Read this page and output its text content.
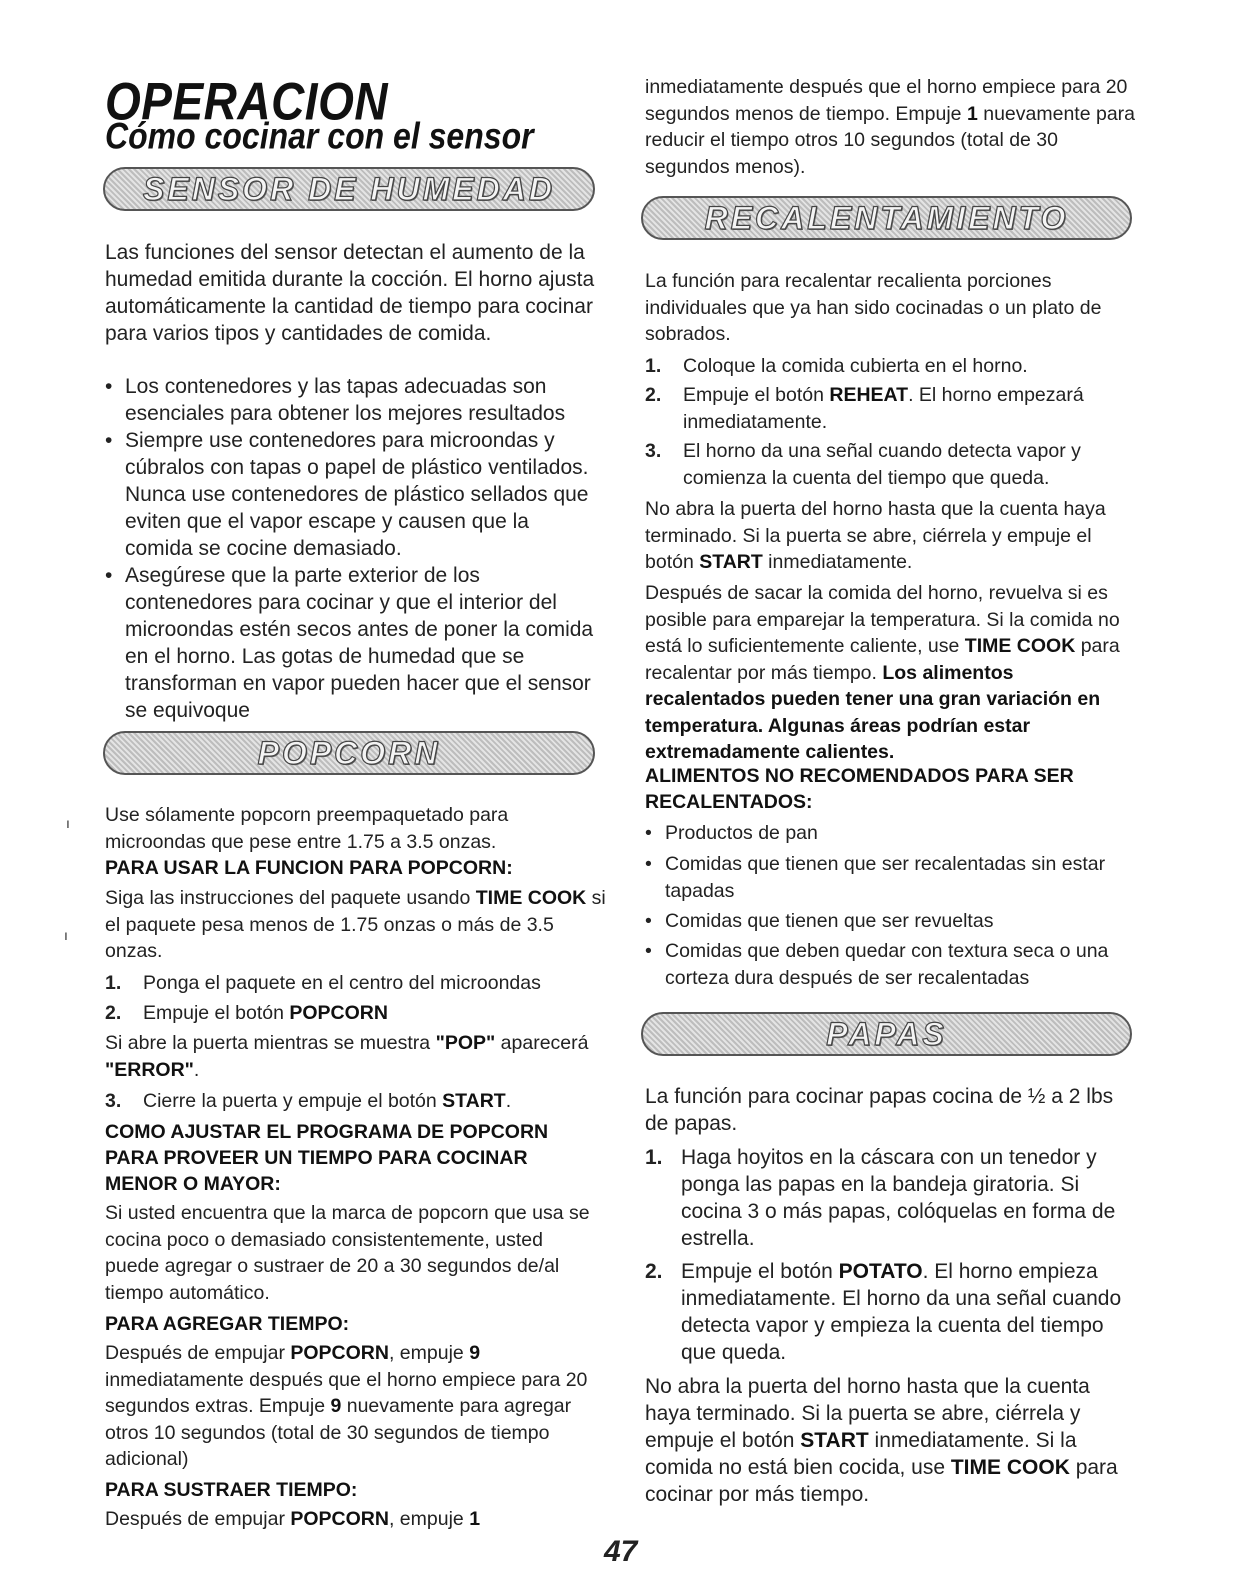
OPERACION
Cómo cocinar con el sensor
SENSOR DE HUMEDAD

Las funciones del sensor detectan el aumento de la humedad emitida durante la cocción. El horno ajusta automáticamente la cantidad de tiempo para cocinar para varios tipos y cantidades de comida.

• Los contenedores y las tapas adecuadas son esenciales para obtener los mejores resultados
• Siempre use contenedores para microondas y cúbralos con tapas o papel de plástico ventilados. Nunca use contenedores de plástico sellados que eviten que el vapor escape y causen que la comida se cocine demasiado.
• Asegúrese que la parte exterior de los contenedores para cocinar y que el interior del microondas estén secos antes de poner la comida en el horno. Las gotas de humedad que se transforman en vapor pueden hacer que el sensor se equivoque
POPCORN
ı
ı

Use sólamente popcorn preempaquetado para microondas que pese entre 1.75 a 3.5 onzas.

PARA USAR LA FUNCION PARA POPCORN:

Siga las instrucciones del paquete usando TIME COOK si el paquete pesa menos de 1.75 onzas o más de 3.5 onzas.

1. Ponga el paquete en el centro del microondas
2. Empuje el botón POPCORN

Si abre la puerta mientras se muestra "POP" aparecerá "ERROR".

3. Cierre la puerta y empuje el botón START.

COMO AJUSTAR EL PROGRAMA DE POPCORN PARA PROVEER UN TIEMPO PARA COCINAR MENOR O MAYOR:

Si usted encuentra que la marca de popcorn que usa se cocina poco o demasiado consistentemente, usted puede agregar o sustraer de 20 a 30 segundos de/al tiempo automático.

PARA AGREGAR TIEMPO:

Después de empujar POPCORN, empuje 9 inmediatamente después que el horno empiece para 20 segundos extras. Empuje 9 nuevamente para agregar otros 10 segundos (total de 30 segundos de tiempo adicional)

PARA SUSTRAER TIEMPO:

Después de empujar POPCORN, empuje 1

inmediatamente después que el horno empiece para 20 segundos menos de tiempo. Empuje 1 nuevamente para reducir el tiempo otros 10 segundos (total de 30 segundos menos).

RECALENTAMIENTO

La función para recalentar recalienta porciones individuales que ya han sido cocinadas o un plato de sobrados.

1. Coloque la comida cubierta en el horno.
2. Empuje el botón REHEAT. El horno empezará inmediatamente.
3. El horno da una señal cuando detecta vapor y comienza la cuenta del tiempo que queda.

No abra la puerta del horno hasta que la cuenta haya terminado. Si la puerta se abre, ciérrela y empuje el botón START inmediatamente.

Después de sacar la comida del horno, revuelva si es posible para emparejar la temperatura. Si la comida no está lo suficientemente caliente, use TIME COOK para recalentar por más tiempo. Los alimentos recalentados pueden tener una gran variación en temperatura. Algunas áreas podrían estar extremadamente calientes.

ALIMENTOS NO RECOMENDADOS PARA SER RECALENTADOS:

• Productos de pan
• Comidas que tienen que ser recalentadas sin estar tapadas
• Comidas que tienen que ser revueltas
• Comidas que deben quedar con textura seca o una corteza dura después de ser recalentadas
PAPAS

La función para cocinar papas cocina de ½ a 2 lbs de papas.

1. Haga hoyitos en la cáscara con un tenedor y ponga las papas en la bandeja giratoria. Si cocina 3 o más papas, colóquelas en forma de estrella.
2. Empuje el botón POTATO. El horno empieza inmediatamente. El horno da una señal cuando detecta vapor y empieza la cuenta del tiempo que queda.

No abra la puerta del horno hasta que la cuenta haya terminado. Si la puerta se abre, ciérrela y empuje el botón START inmediatamente. Si la comida no está bien cocida, use TIME COOK para cocinar por más tiempo.

47
